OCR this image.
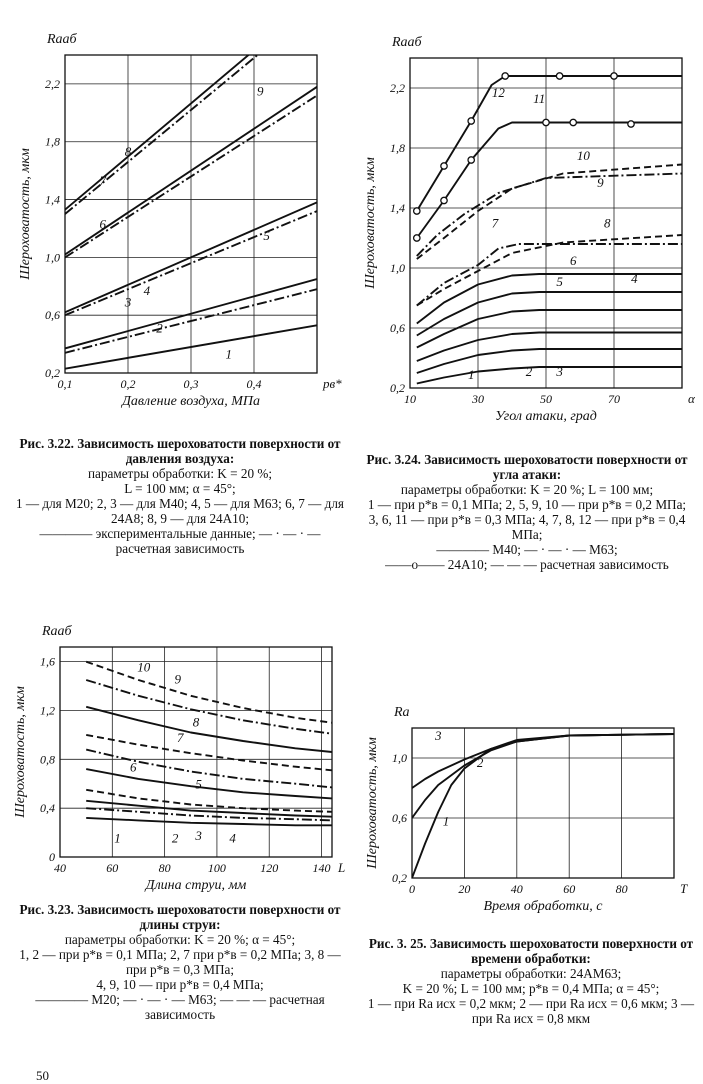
0,1	0,2	0,3	0,4
0,2
0,6
1,0
1,4
1,8
2,2
1
2
3
4
5
6
7
8
9
Raаб
Шероховатость, мкм
Давление воздуха, МПа
pв*
Рис. 3.22. Зависимость шероховатости поверхности от давления воздуха:
параметры обработки: K = 20 %;
L = 100 мм; α = 45°;
1 — для М20; 2, 3 — для М40; 4, 5 — для М63; 6, 7 — для 24А8; 8, 9 — для 24А10;
———— экспериментальные данные; — · — · — расчетная зависимость
40	60	80	100	120	140
0
0,4
0,8
1,2
1,6
1	2 3 4
5
6
7
8
9
10
Raаб
Шероховатость, мкм
Длина струи, мм
L
Рис. 3.23. Зависимость шероховатости поверхности от длины струи:
параметры обработки: K = 20 %; α = 45°;
1, 2 — при p*в = 0,1 МПа; 2, 7 при p*в = 0,2 МПа; 3, 8 — при p*в = 0,3 МПа;
4, 9, 10 — при p*в = 0,4 МПа;
———— М20; — · — · — М63; — — — расчетная зависимость
10	30	50	70
0,2
0,6
1,0
1,4
1,8
2,2
1	2 3
4
5
6
7	8
9
10
11
12
Raаб
Шероховатость, мкм
Угол атаки, град
α
Рис. 3.24. Зависимость шероховатости поверхности от угла атаки:
параметры обработки: K = 20 %; L = 100 мм;
1 — при p*в = 0,1 МПа; 2, 5, 9, 10 — при p*в = 0,2 МПа; 3, 6, 11 — при p*в = 0,3 МПа; 4, 7, 8, 12 — при p*в = 0,4 МПа;
———— М40; — · — · — М63;
——o—— 24А10; — — — расчетная зависимость
0	20	40	60	80
0,2
0,6
1,0
1
2
3
Ra
Шероховатость, мкм
Время обработки, с
T
Рис. 3. 25. Зависимость шероховатости поверхности от времени обработки:
параметры обработки: 24АМ63;
K = 20 %; L = 100 мм; p*в = 0,4 МПа; α = 45°;
1 — при Ra исх = 0,2 мкм; 2 — при Ra исх = 0,6 мкм; 3 — при Ra исх = 0,8 мкм
50
